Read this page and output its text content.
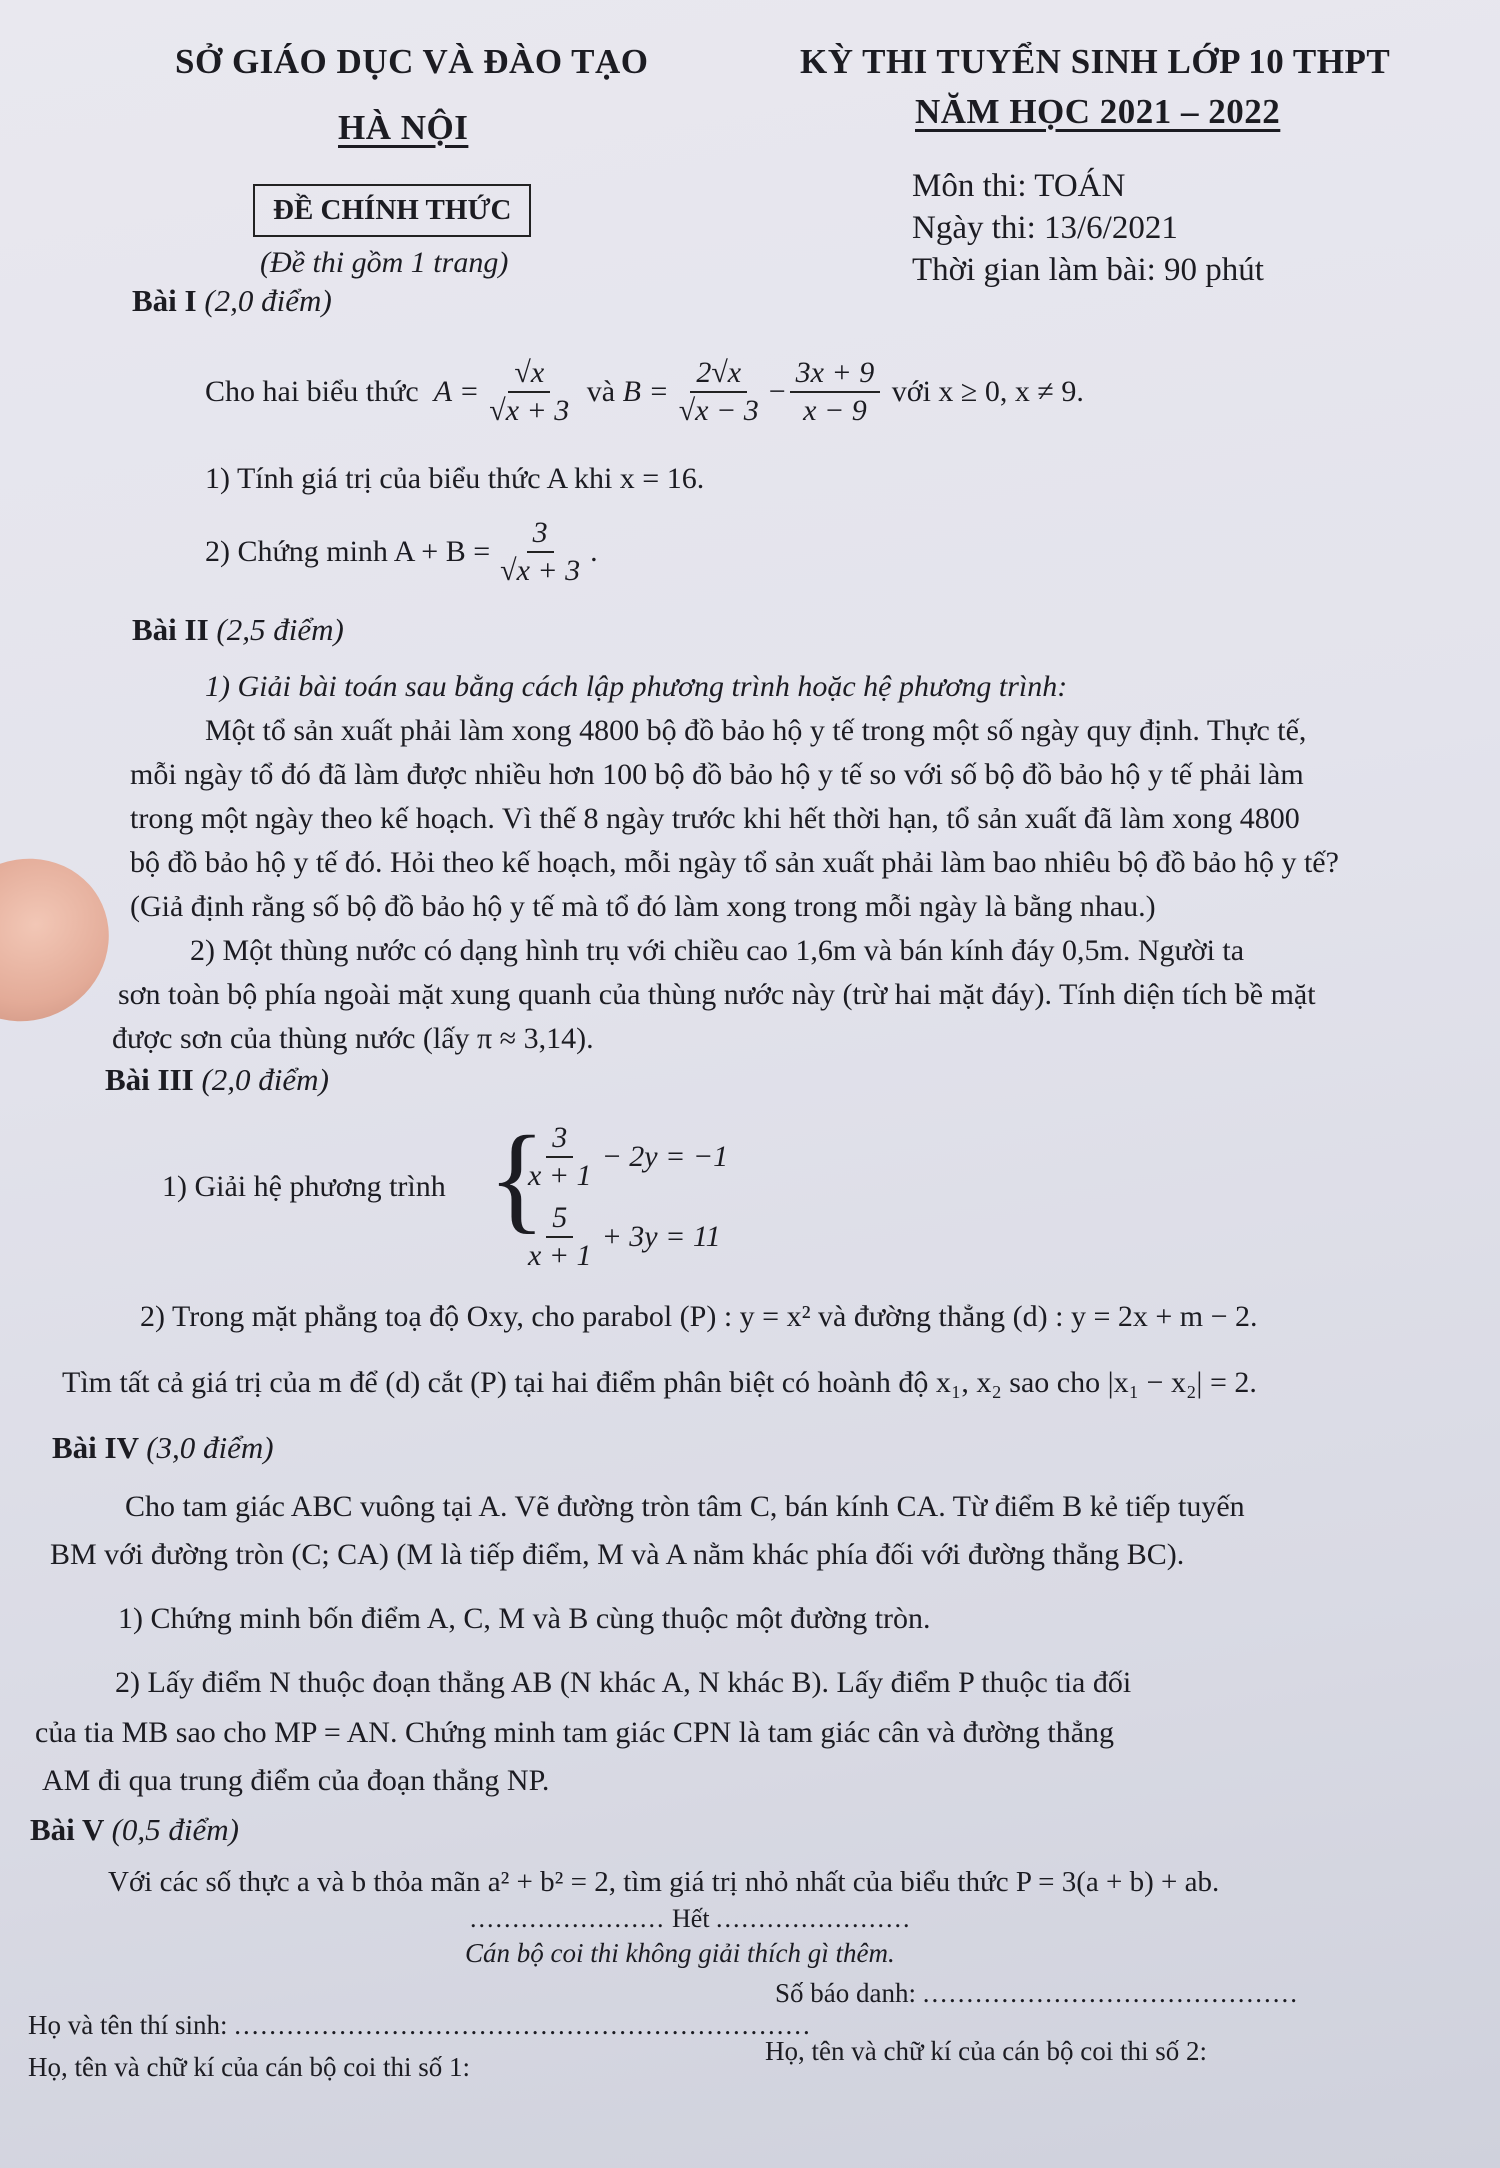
SỞ GIÁO DỤC VÀ ĐÀO TẠO
HÀ NỘI
KỲ THI TUYỂN SINH LỚP 10 THPT
NĂM HỌC 2021 – 2022
ĐỀ CHÍNH THỨC
(Đề thi gồm 1 trang)
Môn thi: TOÁN
Ngày thi: 13/6/2021
Thời gian làm bài: 90 phút
Bài I (2,0 điểm)
Cho hai biểu thức
$A = \frac{√x}{√x + 3}$
và
$B = \frac{2√x}{√x - 3} - \frac{3x + 9}{x - 9}$
với x ≥ 0, x ≠ 9.
1) Tính giá trị của biểu thức A khi x = 16.
2) Chứng minh $A + B = \frac{3}{√x + 3}$ .
Bài II (2,5 điểm)
1) Giải bài toán sau bằng cách lập phương trình hoặc hệ phương trình:
Một tổ sản xuất phải làm xong 4800 bộ đồ bảo hộ y tế trong một số ngày quy định. Thực tế,
mỗi ngày tổ đó đã làm được nhiều hơn 100 bộ đồ bảo hộ y tế so với số bộ đồ bảo hộ y tế phải làm
trong một ngày theo kế hoạch. Vì thế 8 ngày trước khi hết thời hạn, tổ sản xuất đã làm xong 4800
bộ đồ bảo hộ y tế đó. Hỏi theo kế hoạch, mỗi ngày tổ sản xuất phải làm bao nhiêu bộ đồ bảo hộ y tế?
(Giả định rằng số bộ đồ bảo hộ y tế mà tổ đó làm xong trong mỗi ngày là bằng nhau.)
2) Một thùng nước có dạng hình trụ với chiều cao 1,6m và bán kính đáy 0,5m. Người ta
sơn toàn bộ phía ngoài mặt xung quanh của thùng nước này (trừ hai mặt đáy). Tính diện tích bề mặt
được sơn của thùng nước (lấy π ≈ 3,14).
Bài III (2,0 điểm)
1) Giải hệ phương trình {
$\frac{3}{x + 1} - 2y = -1$
$\frac{5}{x + 1} + 3y = 11$
2) Trong mặt phẳng toạ độ Oxy, cho parabol (P) : y = x² và đường thẳng (d) : y = 2x + m − 2.
Tìm tất cả giá trị của m để (d) cắt (P) tại hai điểm phân biệt có hoành độ x₁, x₂ sao cho |x₁ − x₂| = 2.
Bài IV (3,0 điểm)
Cho tam giác ABC vuông tại A. Vẽ đường tròn tâm C, bán kính CA. Từ điểm B kẻ tiếp tuyến
BM với đường tròn (C; CA) (M là tiếp điểm, M và A nằm khác phía đối với đường thẳng BC).
1) Chứng minh bốn điểm A, C, M và B cùng thuộc một đường tròn.
2) Lấy điểm N thuộc đoạn thẳng AB (N khác A, N khác B). Lấy điểm P thuộc tia đối
của tia MB sao cho MP = AN. Chứng minh tam giác CPN là tam giác cân và đường thẳng
AM đi qua trung điểm của đoạn thẳng NP.
Bài V (0,5 điểm)
Với các số thực a và b thỏa mãn a² + b² = 2, tìm giá trị nhỏ nhất của biểu thức P = 3(a + b) + ab.
....................... Hết .......................
Cán bộ coi thi không giải thích gì thêm.
Họ và tên thí sinh: ..................................................................
Số báo danh: ...........................................
Họ, tên và chữ kí của cán bộ coi thi số 1:
Họ, tên và chữ kí của cán bộ coi thi số 2:
